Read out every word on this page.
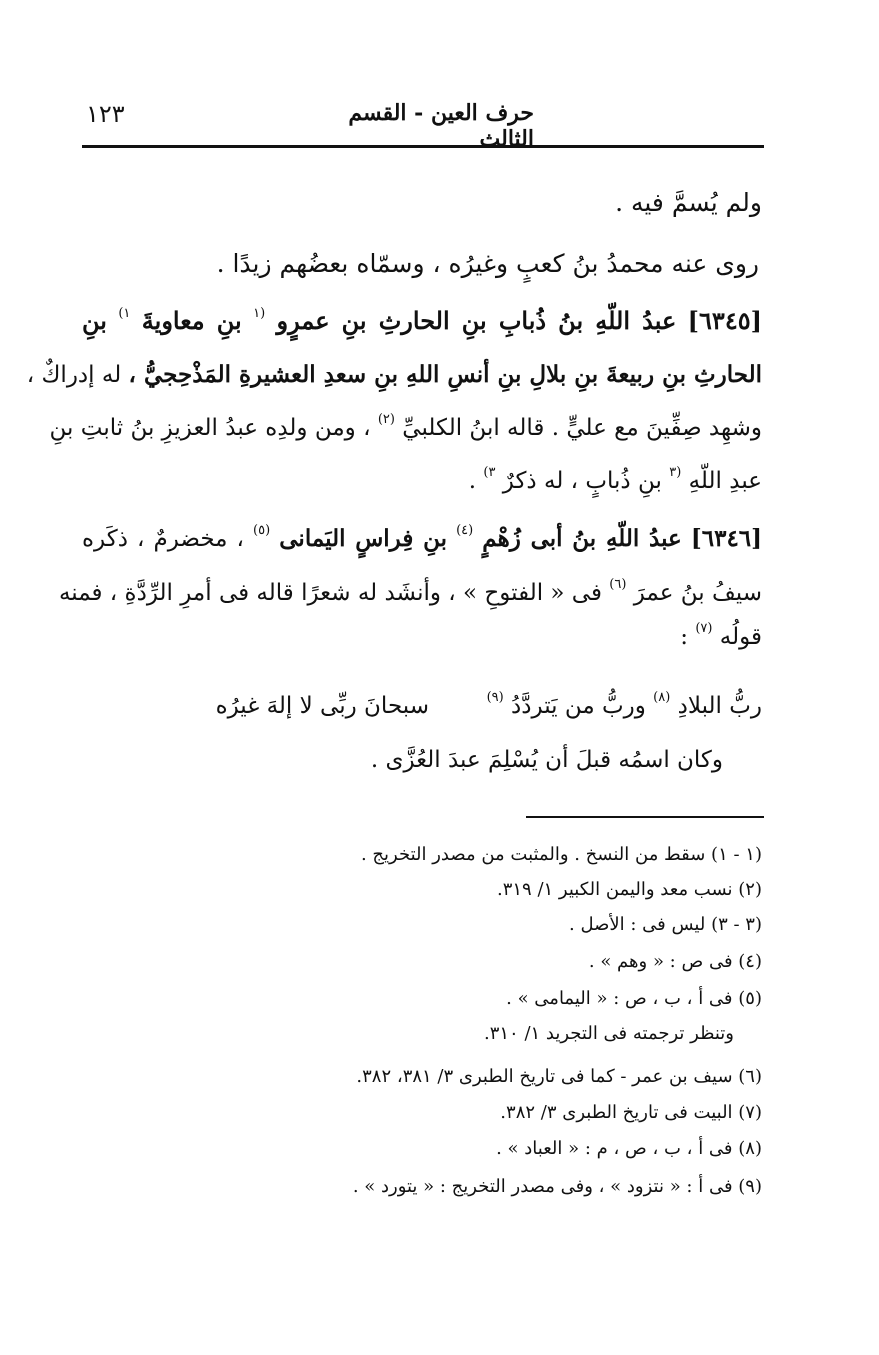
حرف العين - القسم الثالث
١٢٣
ولم يُسمَّ فيه .
روى عنه محمدُ بنُ كعبٍ وغيرُه ، وسمّاه بعضُهم زيدًا .
[٦٣٤٥] عبدُ اللّهِ بنُ ذُبابِ بنِ الحارثِ بنِ عمرٍو $^{(١}$ بنِ معاويةَ $^{١)}$ بنِ
الحارثِ بنِ ربيعةَ بنِ بلالِ بنِ أنسِ اللهِ بنِ سعدِ العشيرةِ المَذْحِجيُّ ، له إدراكٌ ،
وشهِد صِفِّينَ مع عليٍّ . قاله ابنُ الكلبيِّ $^{(٢)}$ ، ومن ولدِه عبدُ العزيزِ بنُ ثابتِ بنِ
عبدِ اللّهِ $^{(٣}$ بنِ ذُبابٍ ، له ذكرٌ $^{٣)}$ .
[٦٣٤٦] عبدُ اللّهِ بنُ أبى زُهْمٍ $^{(٤)}$ بنِ فِراسٍ اليَمانى $^{(٥)}$ ، مخضرمٌ ، ذكَره
سيفُ بنُ عمرَ $^{(٦)}$ فى « الفتوحِ » ، وأنشَد له شعرًا قاله فى أمرِ الرِّدَّةِ ، فمنه
قولُه $^{(٧)}$ :
سبحانَ ربِّى لا إلهَ غيرُه	ربُّ البلادِ $^{(٨)}$ وربُّ من يَتردَّدُ $^{(٩)}$
وكان اسمُه قبلَ أن يُسْلِمَ عبدَ العُزَّى .
(١ - ١) سقط من النسخ . والمثبت من مصدر التخريج .
(٢) نسب معد واليمن الكبير ١/ ٣١٩.
(٣ - ٣) ليس فى : الأصل .
(٤) فى ص : « وهم » .
(٥) فى أ ، ب ، ص : « اليمامى » .
وتنظر ترجمته فى التجريد ١/ ٣١٠.
(٦) سيف بن عمر - كما فى تاريخ الطبرى ٣/ ٣٨١، ٣٨٢.
(٧) البيت فى تاريخ الطبرى ٣/ ٣٨٢.
(٨) فى أ ، ب ، ص ، م : « العباد » .
(٩) فى أ : « نتزود » ، وفى مصدر التخريج : « يتورد » .
